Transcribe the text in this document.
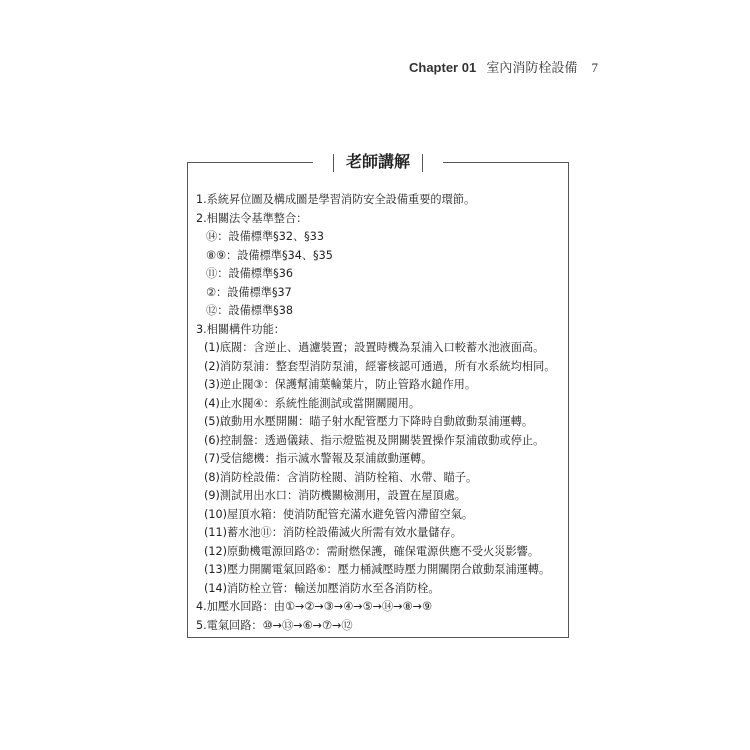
Chapter 01 室內消防栓設備 7
老師講解
1.系統昇位圖及構成圖是學習消防安全設備重要的環節。
2.相關法令基準整合：
⑭：設備標準§32、§33
⑧⑨：設備標準§34、§35
⑪：設備標準§36
②：設備標準§37
⑫：設備標準§38
3.相關構件功能：
(1)底閥：含逆止、過濾裝置；設置時機為泵浦入口較蓄水池液面高。
(2)消防泵浦：整套型消防泵浦，經審核認可通過，所有水系統均相同。
(3)逆止閥③：保護幫浦葉輪葉片，防止管路水鎚作用。
(4)止水閥④：系統性能測試或當開關閥用。
(5)啟動用水壓開關：瞄子射水配管壓力下降時自動啟動泵浦運轉。
(6)控制盤：透過儀錶、指示燈監視及開關裝置操作泵浦啟動或停止。
(7)受信總機：指示滅水警報及泵浦啟動運轉。
(8)消防栓設備：含消防栓閥、消防栓箱、水帶、瞄子。
(9)測試用出水口：消防機關檢測用，設置在屋頂處。
(10)屋頂水箱：使消防配管充滿水避免管內滯留空氣。
(11)蓄水池⑪：消防栓設備滅火所需有效水量儲存。
(12)原動機電源回路⑦：需耐燃保護，確保電源供應不受火災影響。
(13)壓力開關電氣回路⑥：壓力桶減壓時壓力開關閉合啟動泵浦運轉。
(14)消防栓立管：輸送加壓消防水至各消防栓。
4.加壓水回路：由①→②→③→④→⑤→⑭→⑧→⑨
5.電氣回路：⑩→⑬→⑥→⑦→⑫
